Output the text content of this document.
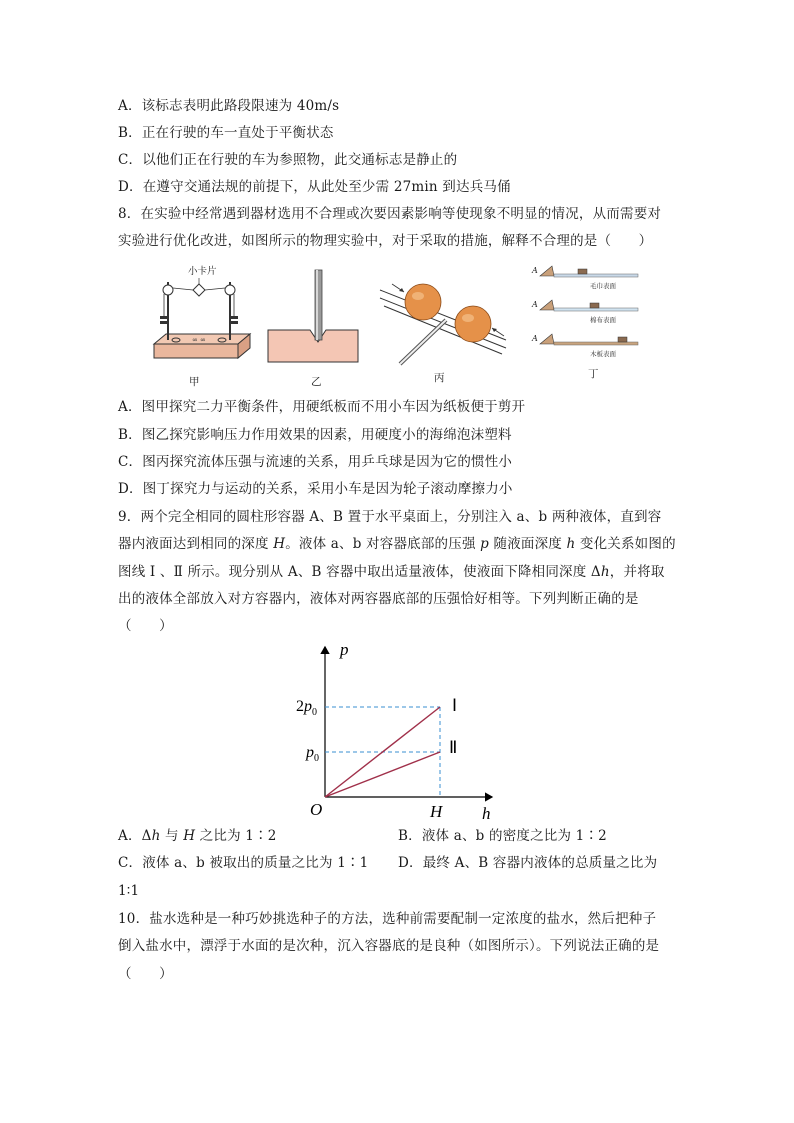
A．该标志表明此路段限速为 40m/s
B．正在行驶的车一直处于平衡状态
C．以他们正在行驶的车为参照物，此交通标志是静止的
D．在遵守交通法规的前提下，从此处至少需 27min 到达兵马俑
8．在实验中经常遇到器材选用不合理或次要因素影响等使现象不明显的情况，从而需要对
实验进行优化改进，如图所示的物理实验中，对于采取的措施，解释不合理的是（　　）
∞ ∞
小卡片
甲	乙	丙
A
A
A
毛巾表面
棉布表面
木板表面
丁
A．图甲探究二力平衡条件，用硬纸板而不用小车因为纸板便于剪开
B．图乙探究影响压力作用效果的因素，用硬度小的海绵泡沫塑料
C．图丙探究流体压强与流速的关系，用乒乓球是因为它的惯性小
D．图丁探究力与运动的关系，采用小车是因为轮子滚动摩擦力小
9．两个完全相同的圆柱形容器 A、B 置于水平桌面上，分别注入 a、b 两种液体，直到容
器内液面达到相同的深度 H。液体 a、b 对容器底部的压强 p 随液面深度 h 变化关系如图的
图线 Ⅰ 、Ⅱ 所示。现分别从 A、B 容器中取出适量液体，使液面下降相同深度 Δh，并将取
出的液体全部放入对方容器内，液体对两容器底部的压强恰好相等。下列判断正确的是
（　　）
p
h
O	H
$2p_0$
$p_0$
Ⅰ
Ⅱ
A．Δh 与 H 之比为 1∶2	B．液体 a、b 的密度之比为 1∶2
C．液体 a、b 被取出的质量之比为 1∶1 D．最终 A、B 容器内液体的总质量之比为
1∶1
10．盐水选种是一种巧妙挑选种子的方法，选种前需要配制一定浓度的盐水，然后把种子
倒入盐水中，漂浮于水面的是次种，沉入容器底的是良种（如图所示）。下列说法正确的是
（　　）
